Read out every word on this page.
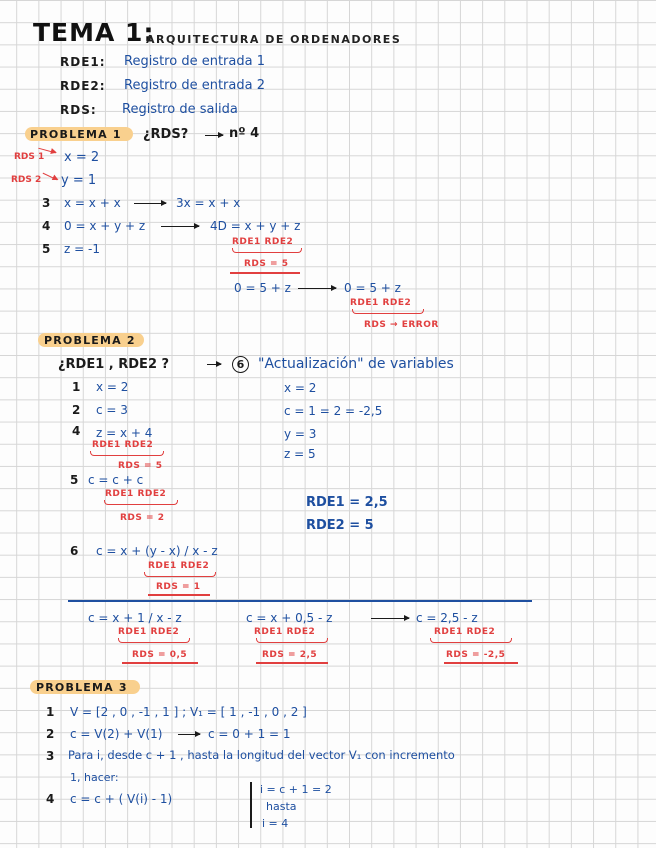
TEMA 1:
ARQUITECTURA DE ORDENADORES
RDE1: Registro de entrada 1
RDE2: Registro de entrada 2
RDS: Registro de salida
PROBLEMA 1 ¿RDS?	nº 4
RDS 1 x = 2
RDS 2 y = 1
3 x = x + x	3x = x + x
4 0 = x + y + z	4D = x + y + z
RDE1 RDE2
RDS = 5
5 z = -1
0 = 5 + z	0 = 5 + z
RDE1 RDE2
RDS → ERROR
PROBLEMA 2
¿RDE1 , RDE2 ?	6 "Actualización" de variables
1 x = 2
2 c = 3
4 z = x + 4
RDE1 RDE2
RDS = 5
5 c = c + c
RDE1 RDE2
RDS = 2
6 c = x + (y - x) / x - z
RDE1 RDE2
RDS = 1
x = 2
c = 1 = 2 = -2,5
y = 3
z = 5
RDE1 = 2,5
RDE2 = 5
c = x + 1 / x - z
RDE1 RDE2
RDS = 0,5
c = x + 0,5 - z
RDE1 RDE2
RDS = 2,5
c = 2,5 - z
RDE1 RDE2
RDS = -2,5
PROBLEMA 3
1 V = [2 , 0 , -1 , 1 ] ; V₁ = [ 1 , -1 , 0 , 2 ]
2 c = V(2) + V(1)	c = 0 + 1 = 1
3 Para i, desde c + 1 , hasta la longitud del vector V₁ con incremento
1, hacer:
4 c = c + ( V(i) - 1)
i = c + 1 = 2
hasta
i = 4
